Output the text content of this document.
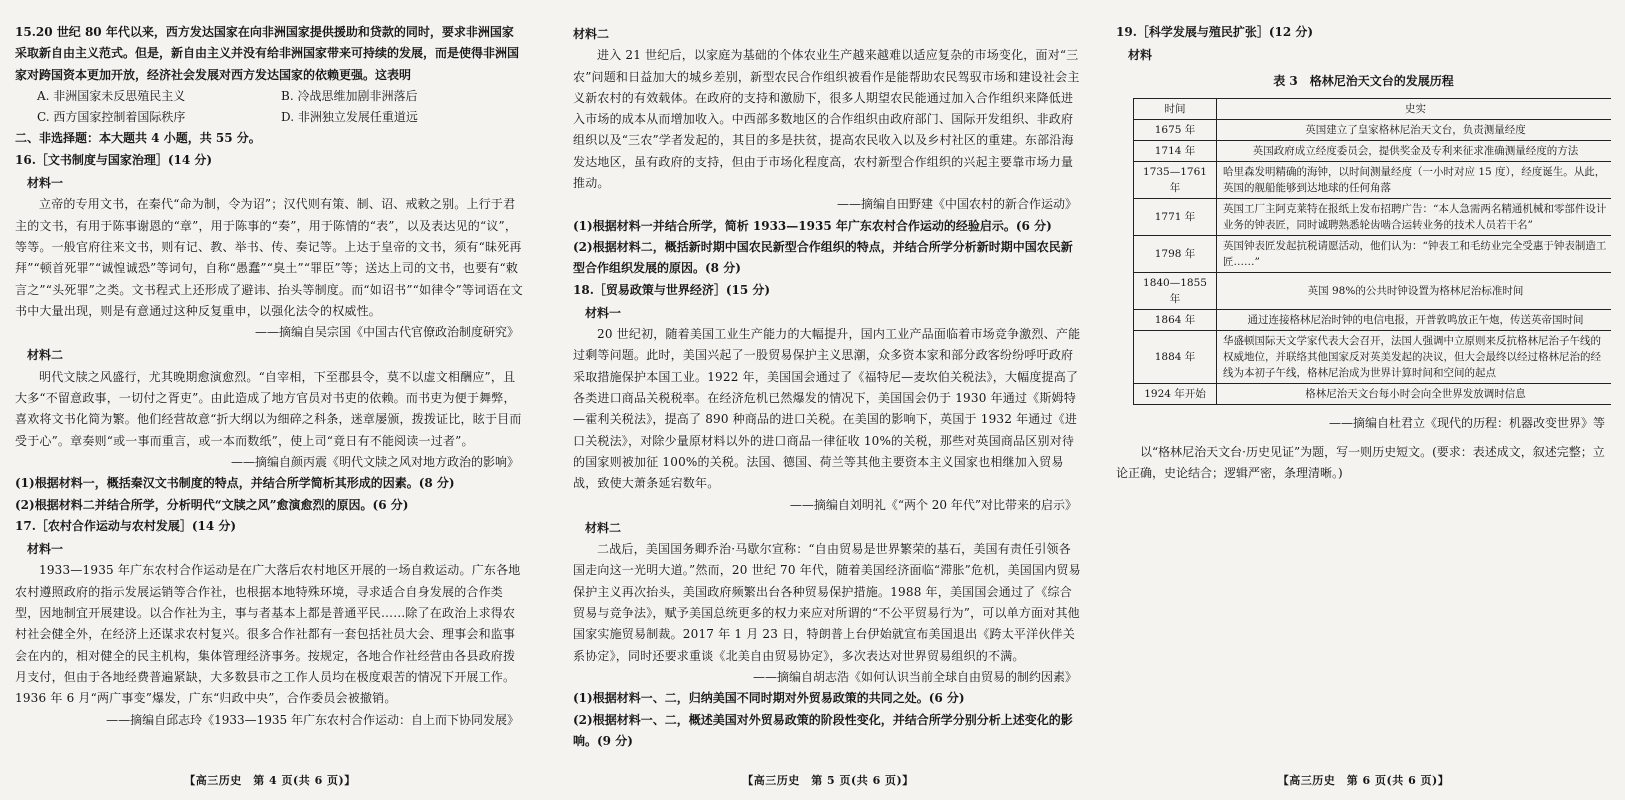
15.20 世纪 80 年代以来，西方发达国家在向非洲国家提供援助和贷款的同时，要求非洲国家采取新自由主义范式。但是，新自由主义并没有给非洲国家带来可持续的发展，而是使得非洲国家对跨国资本更加开放，经济社会发展对西方发达国家的依赖更强。这表明

A. 非洲国家未反思殖民主义	B. 冷战思维加剧非洲落后
C. 西方国家控制着国际秩序	D. 非洲独立发展任重道远

二、非选择题：本大题共 4 小题，共 55 分。

16.［文书制度与国家治理］(14 分)

材料一

立帝的专用文书，在秦代“命为制，令为诏”；汉代则有策、制、诏、戒敕之别。上行于君主的文书，有用于陈事谢恩的“章”，用于陈事的“奏”，用于陈情的“表”，以及表达见的“议”，等等。一般官府往来文书，则有记、教、举书、传、奏记等。上达于皇帝的文书，须有“昧死再拜”“顿首死罪”“诚惶诚恐”等词句，自称“愚蠢”“臭土”“罪臣”等；送达上司的文书，也要有“敕言之”“头死罪”之类。文书程式上还形成了避讳、抬头等制度。而“如诏书”“如律令”等词语在文书中大量出现，则是有意通过这种反复重申，以强化法令的权威性。

——摘编自吴宗国《中国古代官僚政治制度研究》

材料二

明代文牍之风盛行，尤其晚期愈演愈烈。“自宰相，下至郡县令，莫不以虚文相酬应”，且大多“不留意政事，一切付之胥吏”。由此造成了地方官员对书吏的依赖。而书吏为便于舞弊，喜欢将文书化简为繁。他们经营故意“折大纲以为细碎之科条，迷章屡颁，拨拨证比，眩于目而受于心”。章奏则“或一事而重言，或一本而数纸”，使上司“竟日有不能阅读一过者”。

——摘编自颜丙震《明代文牍之风对地方政治的影响》

(1)根据材料一，概括秦汉文书制度的特点，并结合所学简析其形成的因素。(8 分)

(2)根据材料二并结合所学，分析明代“文牍之风”愈演愈烈的原因。(6 分)

17.［农村合作运动与农村发展］(14 分)

材料一

1933—1935 年广东农村合作运动是在广大落后农村地区开展的一场自救运动。广东各地农村遵照政府的指示发展运销等合作社，也根据本地特殊环境，寻求适合自身发展的合作类型，因地制宜开展建设。以合作社为主，事与者基本上都是普通平民……除了在政治上求得农村社会健全外，在经济上还谋求农村复兴。很多合作社都有一套包括社员大会、理事会和监事会在内的，相对健全的民主机构，集体管理经济事务。按规定，各地合作社经营由各县政府拨月支付，但由于各地经费普遍紧缺，大多数县市之工作人员均在极度艰苦的情况下开展工作。1936 年 6 月“两广事变”爆发，广东“归政中央”，合作委员会被撤销。

——摘编自邱志玲《1933—1935 年广东农村合作运动：自上而下协同发展》

【高三历史　第 4 页(共 6 页)】

材料二

进入 21 世纪后，以家庭为基础的个体农业生产越来越难以适应复杂的市场变化，面对“三农”问题和日益加大的城乡差别，新型农民合作组织被看作是能帮助农民驾驭市场和建设社会主义新农村的有效载体。在政府的支持和激励下，很多人期望农民能通过加入合作组织来降低进入市场的成本从而增加收入。中西部多数地区的合作组织由政府部门、国际开发组织、非政府组织以及“三农”学者发起的，其目的多是扶贫，提高农民收入以及乡村社区的重建。东部沿海发达地区，虽有政府的支持，但由于市场化程度高，农村新型合作组织的兴起主要靠市场力量推动。

——摘编自田野建《中国农村的新合作运动》

(1)根据材料一并结合所学，简析 1933—1935 年广东农村合作运动的经验启示。(6 分)

(2)根据材料二，概括新时期中国农民新型合作组织的特点，并结合所学分析新时期中国农民新型合作组织发展的原因。(8 分)

18.［贸易政策与世界经济］(15 分)

材料一

20 世纪初，随着美国工业生产能力的大幅提升，国内工业产品面临着市场竞争激烈、产能过剩等问题。此时，美国兴起了一股贸易保护主义思潮，众多资本家和部分政客纷纷呼吁政府采取措施保护本国工业。1922 年，美国国会通过了《福特尼—麦坎伯关税法》，大幅度提高了各类进口商品关税税率。在经济危机已然爆发的情况下，美国国会仍于 1930 年通过《斯姆特—霍利关税法》，提高了 890 种商品的进口关税。在美国的影响下，英国于 1932 年通过《进口关税法》，对除少量原材料以外的进口商品一律征收 10%的关税，那些对英国商品区别对待的国家则被加征 100%的关税。法国、德国、荷兰等其他主要资本主义国家也相继加入贸易战，致使大萧条延宕数年。

——摘编自刘明礼《“两个 20 年代”对比带来的启示》

材料二

二战后，美国国务卿乔治·马歇尔宣称：“自由贸易是世界繁荣的基石，美国有责任引领各国走向这一光明大道。”然而，20 世纪 70 年代，随着美国经济面临“滞胀”危机，美国国内贸易保护主义再次抬头，美国政府频繁出台各种贸易保护措施。1988 年，美国国会通过了《综合贸易与竞争法》，赋予美国总统更多的权力来应对所谓的“不公平贸易行为”，可以单方面对其他国家实施贸易制裁。2017 年 1 月 23 日，特朗普上台伊始就宣布美国退出《跨太平洋伙伴关系协定》，同时还要求重谈《北美自由贸易协定》，多次表达对世界贸易组织的不满。

——摘编自胡志浩《如何认识当前全球自由贸易的制约因素》

(1)根据材料一、二，归纳美国不同时期对外贸易政策的共同之处。(6 分)

(2)根据材料一、二，概述美国对外贸易政策的阶段性变化，并结合所学分别分析上述变化的影响。(9 分)

【高三历史　第 5 页(共 6 页)】

19.［科学发展与殖民扩张］(12 分)

材料

表 3　格林尼治天文台的发展历程

时间	史实
1675 年	英国建立了皇家格林尼治天文台，负责测量经度
1714 年	英国政府成立经度委员会，提供奖金及专利来征求准确测量经度的方法
1735—1761 年	哈里森发明精确的海钟，以时间测量经度（一小时对应 15 度），经度诞生。从此，英国的舰船能够到达地球的任何角落
1771 年	英国工厂主阿克莱特在报纸上发布招聘广告：“本人急需两名精通机械和零部件设计业务的钟表匠，同时诚聘熟悉轮齿啮合运转业务的技术人员若干名”
1798 年	英国钟表匠发起抗税请愿活动，他们认为：“钟表工和毛纺业完全受惠于钟表制造工匠……”
1840—1855 年	英国 98%的公共时钟设置为格林尼治标准时间
1864 年	通过连接格林尼治时钟的电信电报，开普敦鸣放正午炮，传送英帝国时间
1884 年	华盛顿国际天文学家代表大会召开，法国人强调中立原则来反抗格林尼治子午线的权威地位，并联络其他国家反对英美发起的决议，但大会最终以经过格林尼治的经线为本初子午线，格林尼治成为世界计算时间和空间的起点
1924 年开始	格林尼治天文台每小时会向全世界发放调时信息

——摘编自杜君立《现代的历程：机器改变世界》等

以“格林尼治天文台·历史见证”为题，写一则历史短文。(要求：表述成文，叙述完整；立论正确，史论结合；逻辑严密，条理清晰。)

【高三历史　第 6 页(共 6 页)】
